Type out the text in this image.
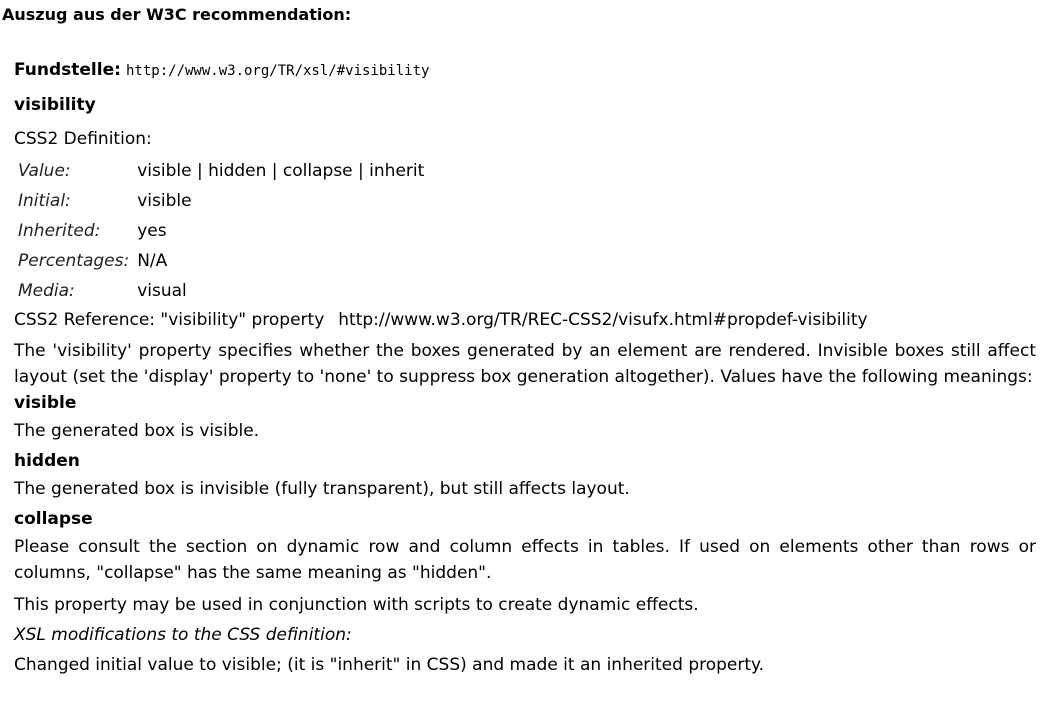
Auszug aus der W3C recommendation:
Fundstelle: http://www.w3.org/TR/xsl/#visibility
visibility
CSS2 Definition:
Value:	visible | hidden | collapse | inherit
Initial:	visible
Inherited:	yes
Percentages:	N/A
Media:	visual
CSS2 Reference: "visibility" property http://www.w3.org/TR/REC-CSS2/visufx.html#propdef-visibility

The 'visibility' property specifies whether the boxes generated by an element are rendered. Invisible boxes still affect layout (set the 'display' property to 'none' to suppress box generation altogether). Values have the following meanings:

visible

The generated box is visible.

hidden

The generated box is invisible (fully transparent), but still affects layout.

collapse

Please consult the section on dynamic row and column effects in tables. If used on elements other than rows or columns, "collapse" has the same meaning as "hidden".

This property may be used in conjunction with scripts to create dynamic effects.

XSL modifications to the CSS definition:

Changed initial value to visible; (it is "inherit" in CSS) and made it an inherited property.
